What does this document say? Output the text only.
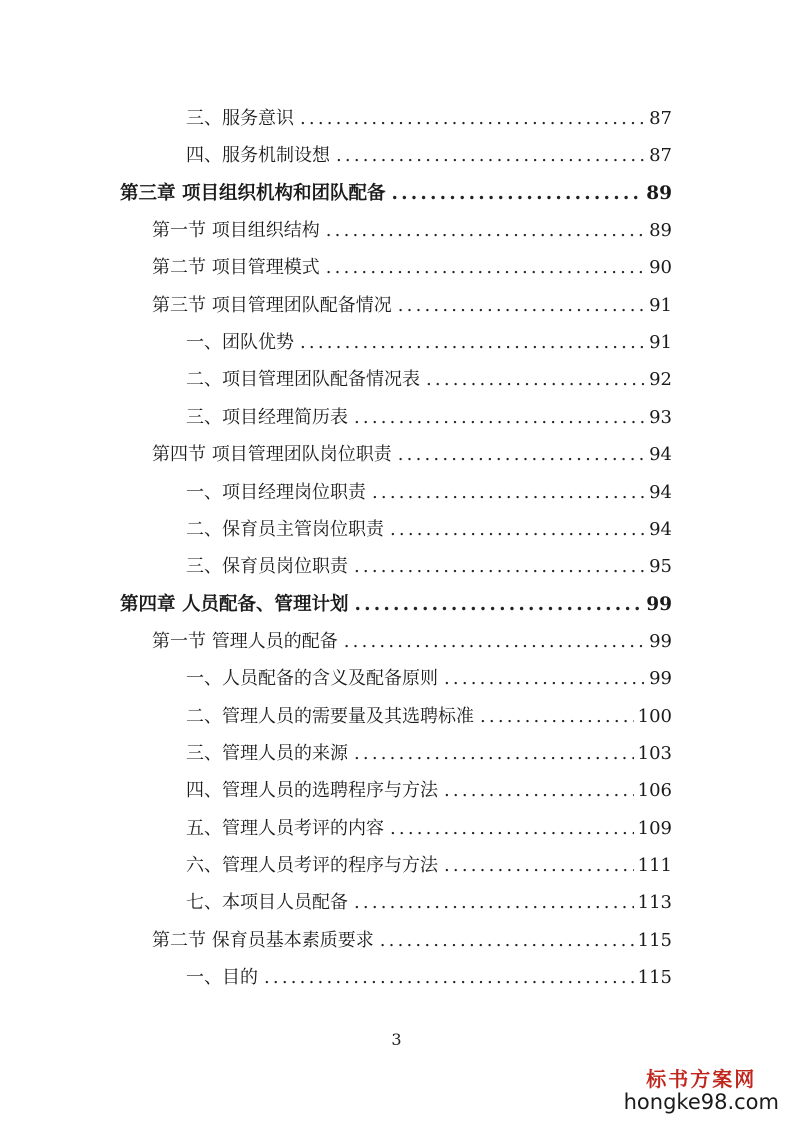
三、服务意识 .....	87
四、服务机制设想 .....	87
第三章 项目组织机构和团队配备 .....	89
第一节 项目组织结构 .....	89
第二节 项目管理模式 .....	90
第三节 项目管理团队配备情况 .....	91
一、团队优势 .....	91
二、项目管理团队配备情况表 .....	92
三、项目经理简历表 .....	93
第四节 项目管理团队岗位职责 .....	94
一、项目经理岗位职责 .....	94
二、保育员主管岗位职责 .....	94
三、保育员岗位职责 .....	95
第四章 人员配备、管理计划 .....	99
第一节 管理人员的配备 .....	99
一、人员配备的含义及配备原则 .....	99
二、管理人员的需要量及其选聘标准 .....	100
三、管理人员的来源 .....	103
四、管理人员的选聘程序与方法 .....	106
五、管理人员考评的内容 .....	109
六、管理人员考评的程序与方法 .....	111
七、本项目人员配备 .....	113
第二节 保育员基本素质要求 .....	115
一、目的 .....	115
3
标书方案网
hongke98.com
